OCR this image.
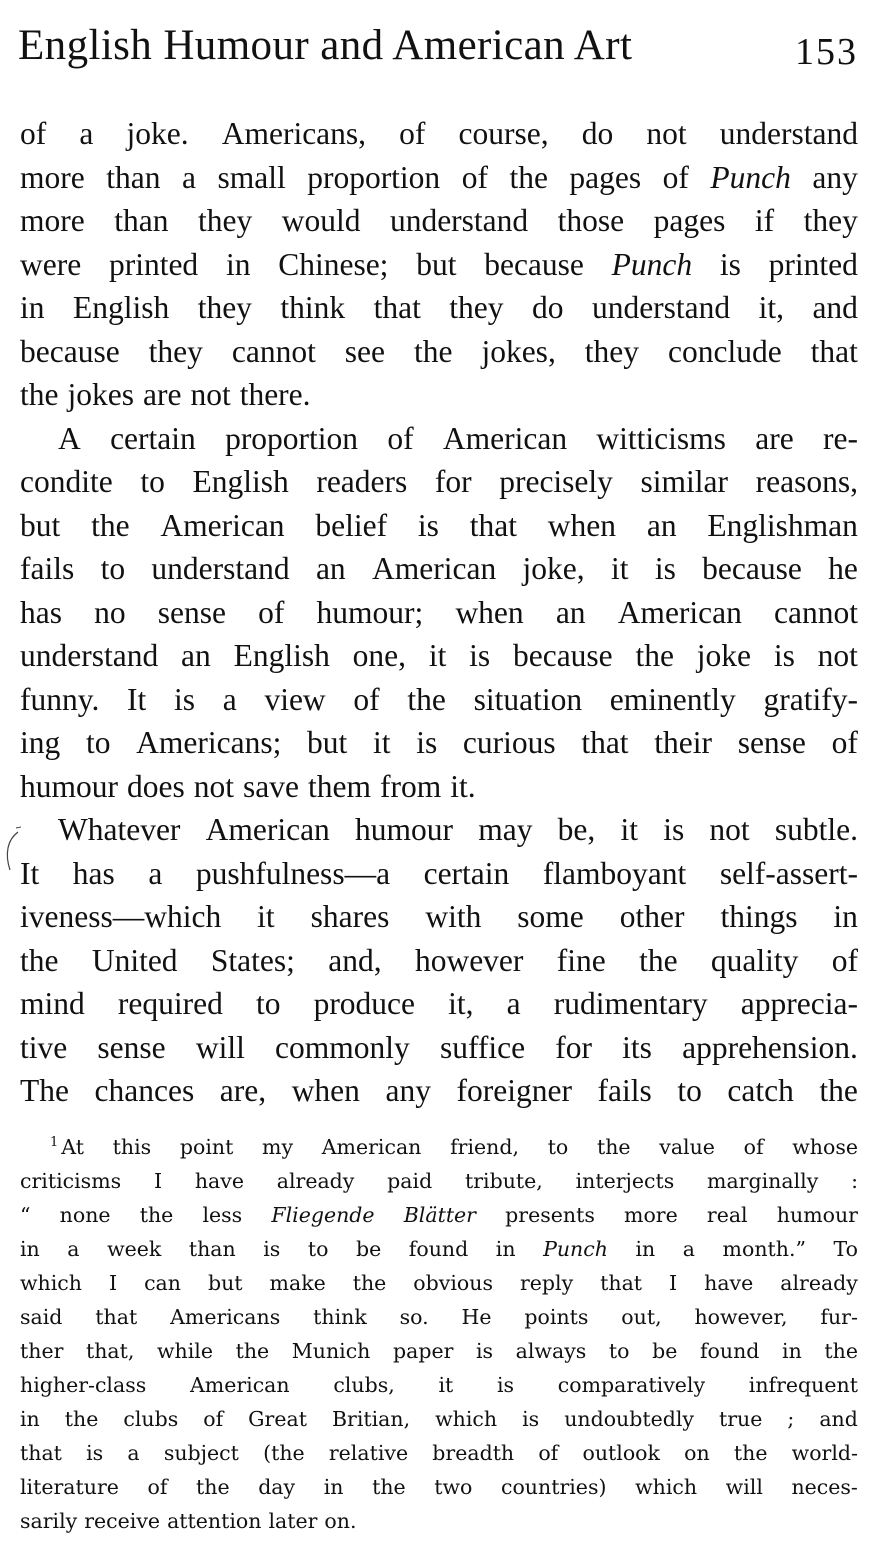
English Humour and American Art	153
of a joke. Americans, of course, do not understand
more than a small proportion of the pages of Punch any
more than they would understand those pages if they
were printed in Chinese; but because Punch is printed
in English they think that they do understand it, and
because they cannot see the jokes, they conclude that
the jokes are not there.
A certain proportion of American witticisms are re-
condite to English readers for precisely similar reasons,
but the American belief is that when an Englishman
fails to understand an American joke, it is because he
has no sense of humour; when an American cannot
understand an English one, it is because the joke is not
funny. It is a view of the situation eminently gratify-
ing to Americans; but it is curious that their sense of
humour does not save them from it.
Whatever American humour may be, it is not subtle.
It has a pushfulness—a certain flamboyant self-assert-
iveness—which it shares with some other things in
the United States; and, however fine the quality of
mind required to produce it, a rudimentary apprecia-
tive sense will commonly suffice for its apprehension.
The chances are, when any foreigner fails to catch the
$^1$ At this point my American friend, to the value of whose
criticisms I have already paid tribute, interjects marginally :
“ none the less Fliegende Blätter presents more real humour
in a week than is to be found in Punch in a month.” To
which I can but make the obvious reply that I have already
said that Americans think so. He points out, however, fur-
ther that, while the Munich paper is always to be found in the
higher-class American clubs, it is comparatively infrequent
in the clubs of Great Britian, which is undoubtedly true ; and
that is a subject (the relative breadth of outlook on the world-
literature of the day in the two countries) which will neces-
sarily receive attention later on.
